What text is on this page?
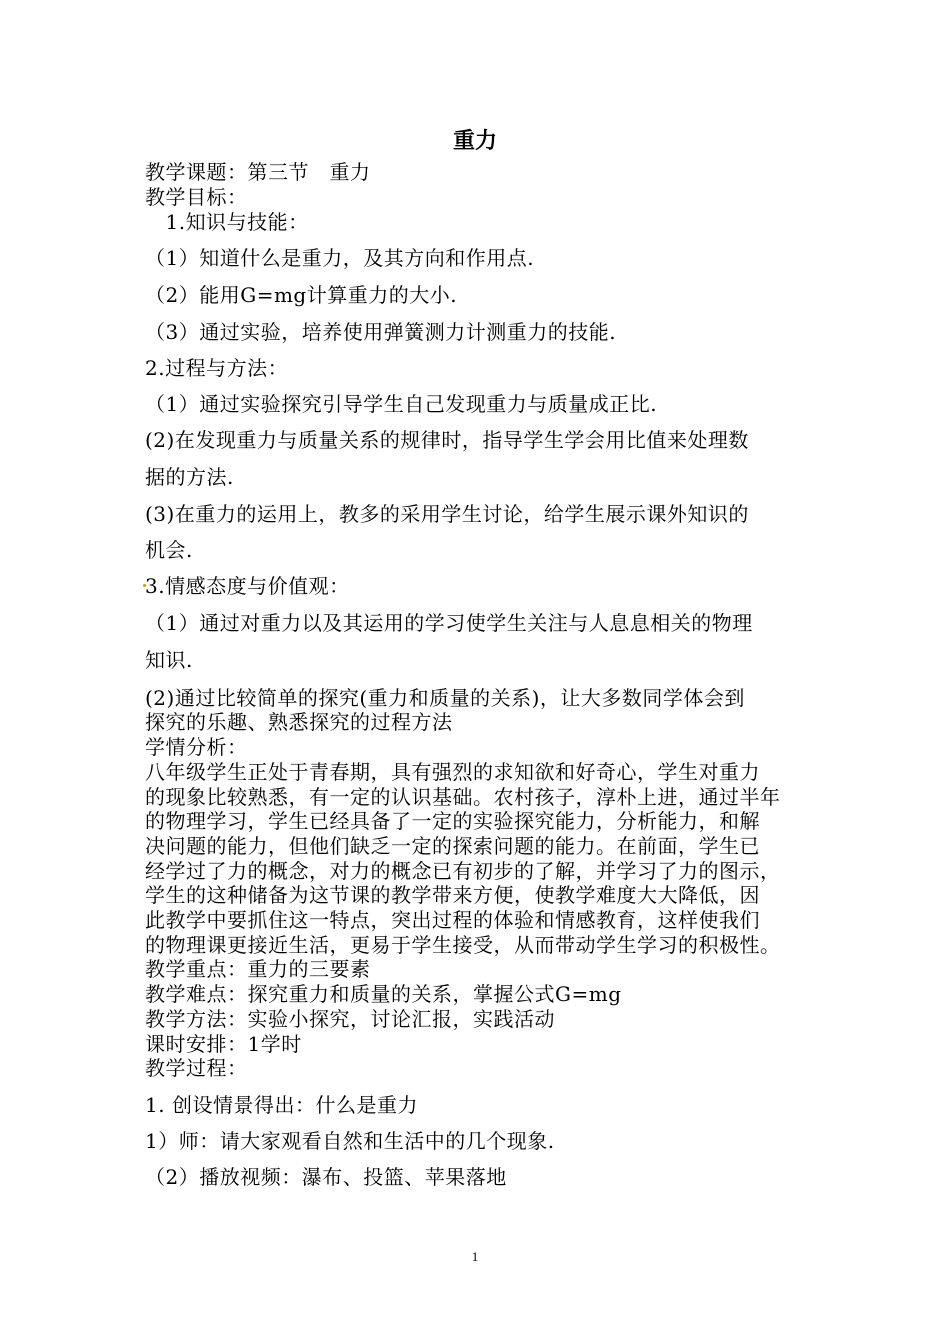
重力
教学课题：第三节　重力
教学目标：
　1.知识与技能：
（1）知道什么是重力，及其方向和作用点.
（2）能用G=mg计算重力的大小.
（3）通过实验，培养使用弹簧测力计测重力的技能.
2.过程与方法：
（1）通过实验探究引导学生自己发现重力与质量成正比.
(2)在发现重力与质量关系的规律时，指导学生学会用比值来处理数
据的方法.
(3)在重力的运用上，教多的采用学生讨论，给学生展示课外知识的
机会.
3.情感态度与价值观：
（1）通过对重力以及其运用的学习使学生关注与人息息相关的物理
知识.
(2)通过比较简单的探究(重力和质量的关系)，让大多数同学体会到
探究的乐趣、熟悉探究的过程方法
学情分析：
八年级学生正处于青春期，具有强烈的求知欲和好奇心，学生对重力
的现象比较熟悉，有一定的认识基础。农村孩子，淳朴上进，通过半年
的物理学习，学生已经具备了一定的实验探究能力，分析能力，和解
决问题的能力，但他们缺乏一定的探索问题的能力。在前面，学生已
经学过了力的概念，对力的概念已有初步的了解，并学习了力的图示，
学生的这种储备为这节课的教学带来方便，使教学难度大大降低，因
此教学中要抓住这一特点，突出过程的体验和情感教育，这样使我们
的物理课更接近生活，更易于学生接受，从而带动学生学习的积极性。
教学重点：重力的三要素
教学难点：探究重力和质量的关系，掌握公式G=mg
教学方法：实验小探究，讨论汇报，实践活动
课时安排：1学时
教学过程：
1. 创设情景得出：什么是重力
1）师：请大家观看自然和生活中的几个现象.
（2）播放视频：瀑布、投篮、苹果落地
1
